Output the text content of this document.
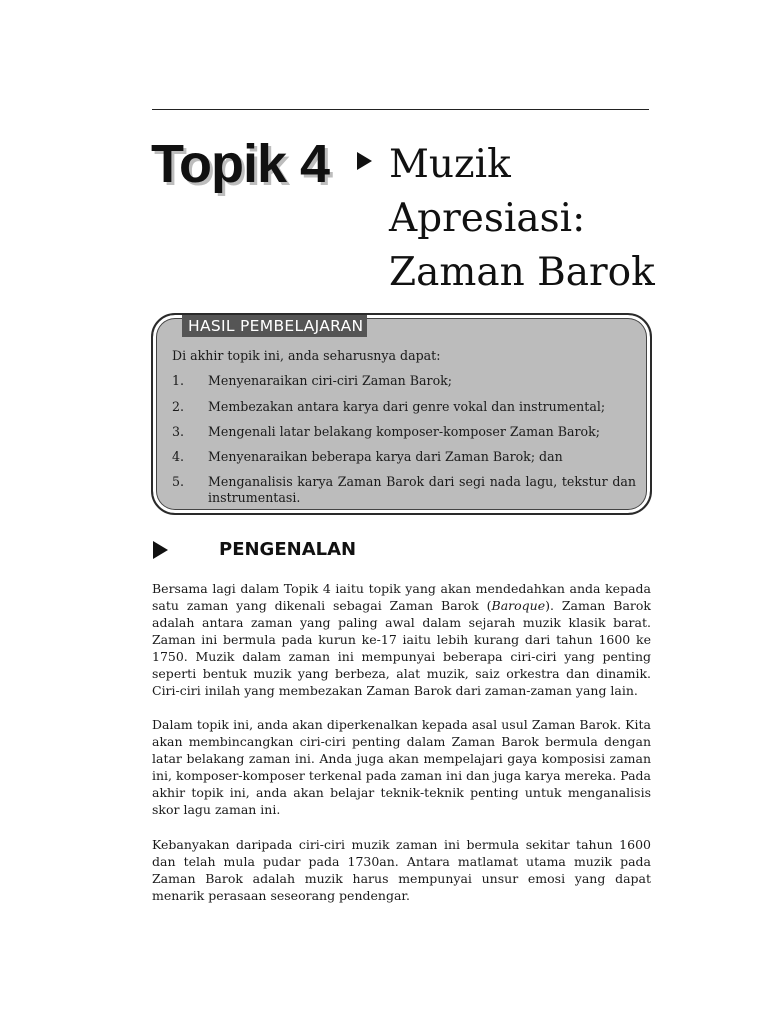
Topik 4 Muzik
Apresiasi:
Zaman Barok
HASIL PEMBELAJARAN
Di akhir topik ini, anda seharusnya dapat:
1. Menyenaraikan ciri-ciri Zaman Barok;
2. Membezakan antara karya dari genre vokal dan instrumental;
3. Mengenali latar belakang komposer-komposer Zaman Barok;
4. Menyenaraikan beberapa karya dari Zaman Barok; dan
5. Menganalisis karya Zaman Barok dari segi nada lagu, tekstur dan instrumentasi.
PENGENALAN

Bersama lagi dalam Topik 4 iaitu topik yang akan mendedahkan anda kepada satu zaman yang dikenali sebagai Zaman Barok (Baroque). Zaman Barok adalah antara zaman yang paling awal dalam sejarah muzik klasik barat. Zaman ini bermula pada kurun ke-17 iaitu lebih kurang dari tahun 1600 ke 1750. Muzik dalam zaman ini mempunyai beberapa ciri-ciri yang penting seperti bentuk muzik yang berbeza, alat muzik, saiz orkestra dan dinamik. Ciri-ciri inilah yang membezakan Zaman Barok dari zaman-zaman yang lain.

Dalam topik ini, anda akan diperkenalkan kepada asal usul Zaman Barok. Kita akan membincangkan ciri-ciri penting dalam Zaman Barok bermula dengan latar belakang zaman ini. Anda juga akan mempelajari gaya komposisi zaman ini, komposer-komposer terkenal pada zaman ini dan juga karya mereka. Pada akhir topik ini, anda akan belajar teknik-teknik penting untuk menganalisis skor lagu zaman ini.

Kebanyakan daripada ciri-ciri muzik zaman ini bermula sekitar tahun 1600 dan telah mula pudar pada 1730an. Antara matlamat utama muzik pada Zaman Barok adalah muzik harus mempunyai unsur emosi yang dapat menarik perasaan seseorang pendengar.
